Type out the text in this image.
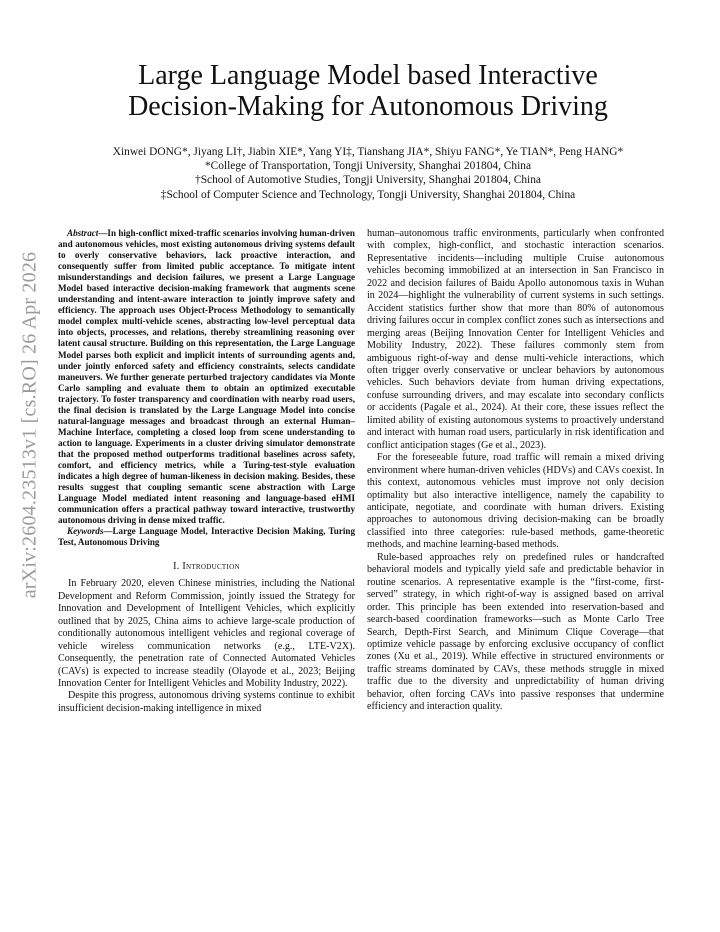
arXiv:2604.23513v1 [cs.RO] 26 Apr 2026
Large Language Model based Interactive
Decision-Making for Autonomous Driving
Xinwei DONG*, Jiyang LI†, Jiabin XIE*, Yang YI‡, Tianshang JIA*, Shiyu FANG*, Ye TIAN*, Peng HANG*
*College of Transportation, Tongji University, Shanghai 201804, China
†School of Automotive Studies, Tongji University, Shanghai 201804, China
‡School of Computer Science and Technology, Tongji University, Shanghai 201804, China

Abstract—In high-conflict mixed-traffic scenarios involving human-driven and autonomous vehicles, most existing autonomous driving systems default to overly conservative behaviors, lack proactive interaction, and consequently suffer from limited public acceptance. To mitigate intent misunderstandings and decision failures, we present a Large Language Model based interactive decision-making framework that augments scene understanding and intent-aware interaction to jointly improve safety and efficiency. The approach uses Object-Process Methodology to semantically model complex multi-vehicle scenes, abstracting low-level perceptual data into objects, processes, and relations, thereby streamlining reasoning over latent causal structure. Building on this representation, the Large Language Model parses both explicit and implicit intents of surrounding agents and, under jointly enforced safety and efficiency constraints, selects candidate maneuvers. We further generate perturbed trajectory candidates via Monte Carlo sampling and evaluate them to obtain an optimized executable trajectory. To foster transparency and coordination with nearby road users, the final decision is translated by the Large Language Model into concise natural-language messages and broadcast through an external Human–Machine Interface, completing a closed loop from scene understanding to action to language. Experiments in a cluster driving simulator demonstrate that the proposed method outperforms traditional baselines across safety, comfort, and efficiency metrics, while a Turing-test-style evaluation indicates a high degree of human-likeness in decision making. Besides, these results suggest that coupling semantic scene abstraction with Large Language Model mediated intent reasoning and language-based eHMI communication offers a practical pathway toward interactive, trustworthy autonomous driving in dense mixed traffic.

Keywords—Large Language Model, Interactive Decision Making, Turing Test, Autonomous Driving

I. Introduction

In February 2020, eleven Chinese ministries, including the National Development and Reform Commission, jointly issued the Strategy for Innovation and Development of Intelligent Vehicles, which explicitly outlined that by 2025, China aims to achieve large-scale production of conditionally autonomous intelligent vehicles and regional coverage of vehicle wireless communication networks (e.g., LTE-V2X). Consequently, the penetration rate of Connected Automated Vehicles (CAVs) is expected to increase steadily (Olayode et al., 2023; Beijing Innovation Center for Intelligent Vehicles and Mobility Industry, 2022).

Despite this progress, autonomous driving systems continue to exhibit insufficient decision-making intelligence in mixed

human–autonomous traffic environments, particularly when confronted with complex, high-conflict, and stochastic interaction scenarios. Representative incidents—including multiple Cruise autonomous vehicles becoming immobilized at an intersection in San Francisco in 2022 and decision failures of Baidu Apollo autonomous taxis in Wuhan in 2024—highlight the vulnerability of current systems in such settings. Accident statistics further show that more than 80% of autonomous driving failures occur in complex conflict zones such as intersections and merging areas (Beijing Innovation Center for Intelligent Vehicles and Mobility Industry, 2022). These failures commonly stem from ambiguous right-of-way and dense multi-vehicle interactions, which often trigger overly conservative or unclear behaviors by autonomous vehicles. Such behaviors deviate from human driving expectations, confuse surrounding drivers, and may escalate into secondary conflicts or accidents (Pagale et al., 2024). At their core, these issues reflect the limited ability of existing autonomous systems to proactively understand and interact with human road users, particularly in risk identification and conflict anticipation stages (Ge et al., 2023).

For the foreseeable future, road traffic will remain a mixed driving environment where human-driven vehicles (HDVs) and CAVs coexist. In this context, autonomous vehicles must improve not only decision optimality but also interactive intelligence, namely the capability to anticipate, negotiate, and coordinate with human drivers. Existing approaches to autonomous driving decision-making can be broadly classified into three categories: rule-based methods, game-theoretic methods, and machine learning-based methods.

Rule-based approaches rely on predefined rules or handcrafted behavioral models and typically yield safe and predictable behavior in routine scenarios. A representative example is the “first-come, first-served” strategy, in which right-of-way is assigned based on arrival order. This principle has been extended into reservation-based and search-based coordination frameworks—such as Monte Carlo Tree Search, Depth-First Search, and Minimum Clique Coverage—that optimize vehicle passage by enforcing exclusive occupancy of conflict zones (Xu et al., 2019). While effective in structured environments or traffic streams dominated by CAVs, these methods struggle in mixed traffic due to the diversity and unpredictability of human driving behavior, often forcing CAVs into passive responses that undermine efficiency and interaction quality.
